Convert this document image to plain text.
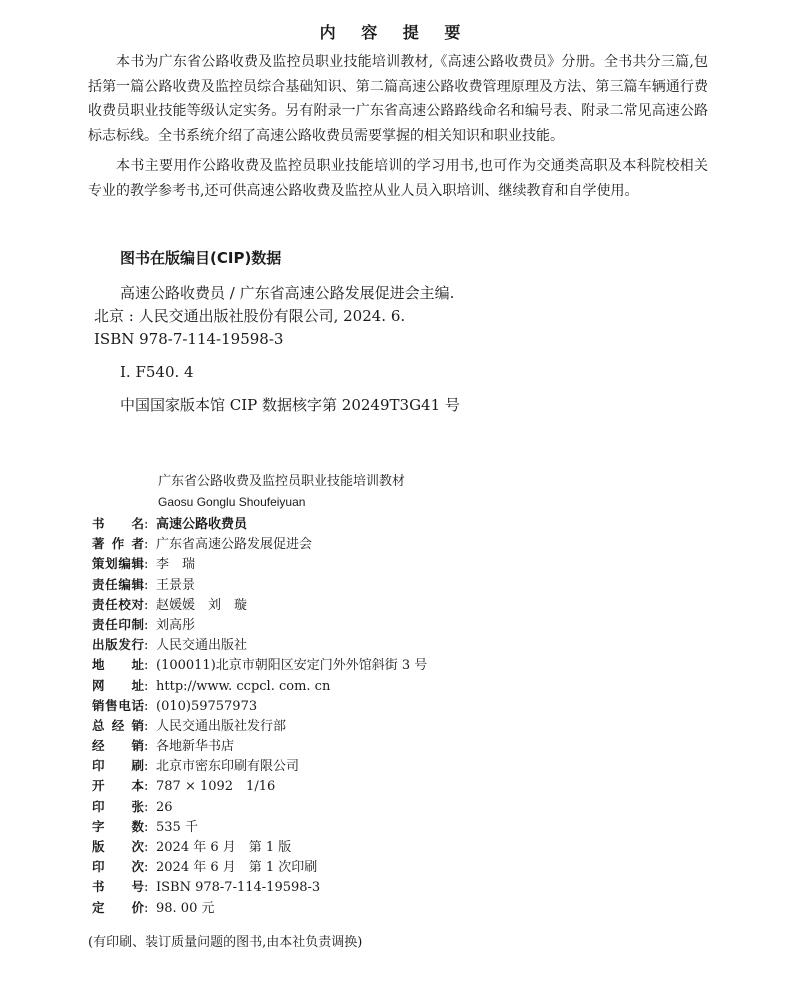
内 容 提 要

本书为广东省公路收费及监控员职业技能培训教材,《高速公路收费员》分册。全书共分三篇,包括第一篇公路收费及监控员综合基础知识、第二篇高速公路收费管理原理及方法、第三篇车辆通行费收费员职业技能等级认定实务。另有附录一广东省高速公路路线命名和编号表、附录二常见高速公路标志标线。全书系统介绍了高速公路收费员需要掌握的相关知识和职业技能。

本书主要用作公路收费及监控员职业技能培训的学习用书,也可作为交通类高职及本科院校相关专业的教学参考书,还可供高速公路收费及监控从业人员入职培训、继续教育和自学使用。

图书在版编目(CIP)数据
高速公路收费员 / 广东省高速公路发展促进会主编.
北京 : 人民交通出版社股份有限公司, 2024. 6.
ISBN 978-7-114-19598-3
Ⅰ. F540. 4
中国国家版本馆 CIP 数据核字第 20249T3G41 号
广东省公路收费及监控员职业技能培训教材
Gaosu Gonglu Shoufeiyuan
书名: 高速公路收费员
著作者: 广东省高速公路发展促进会
策划编辑: 李　瑞
责任编辑: 王景景
责任校对: 赵媛媛　刘　璇
责任印制: 刘高彤
出版发行: 人民交通出版社
地址: (100011)北京市朝阳区安定门外外馆斜街 3 号
网址: http://www. ccpcl. com. cn
销售电话: (010)59757973
总经销: 人民交通出版社发行部
经销: 各地新华书店
印刷: 北京市密东印刷有限公司
开本: 787 × 1092　1/16
印张: 26
字数: 535 千
版次: 2024 年 6 月　第 1 版
印次: 2024 年 6 月　第 1 次印刷
书号: ISBN 978-7-114-19598-3
定价: 98. 00 元
(有印刷、装订质量问题的图书,由本社负责调换)
